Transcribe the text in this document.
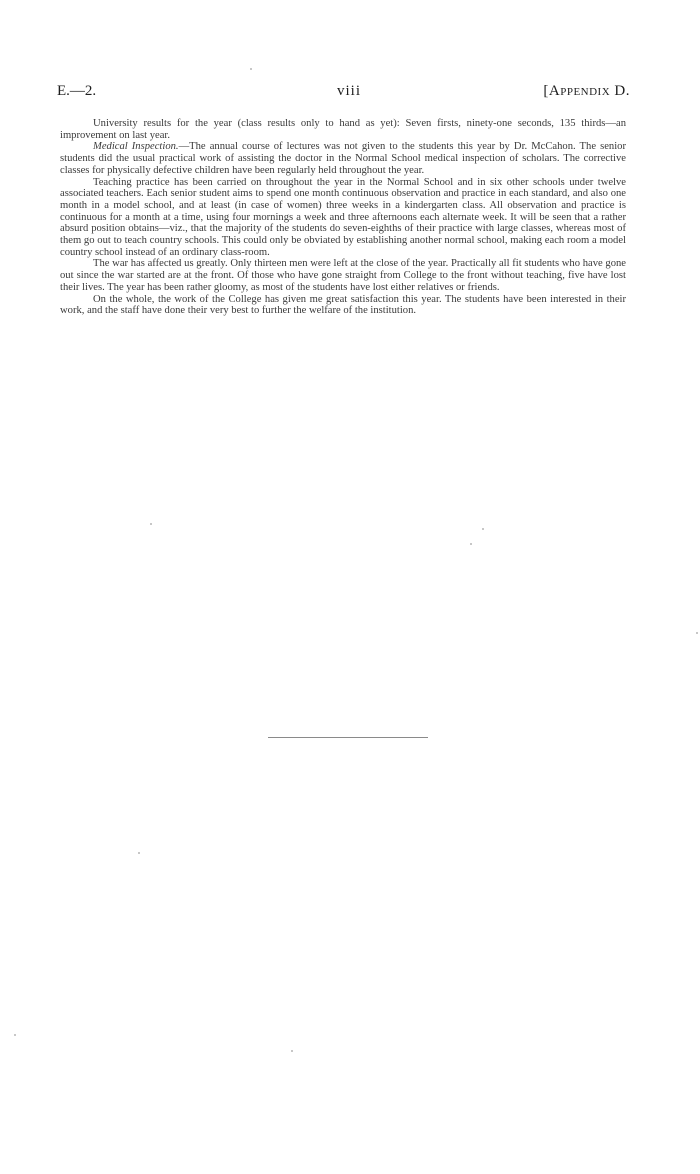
E.—2.	viii	[Appendix D.

University results for the year (class results only to hand as yet): Seven firsts, ninety-one seconds, 135 thirds—an improvement on last year.

Medical Inspection.—The annual course of lectures was not given to the students this year by Dr. McCahon. The senior students did the usual practical work of assisting the doctor in the Normal School medical inspection of scholars. The corrective classes for physically defective children have been regularly held throughout the year.

Teaching practice has been carried on throughout the year in the Normal School and in six other schools under twelve associated teachers. Each senior student aims to spend one month continuous observation and practice in each standard, and also one month in a model school, and at least (in case of women) three weeks in a kindergarten class. All observation and practice is continuous for a month at a time, using four mornings a week and three afternoons each alternate week. It will be seen that a rather absurd position obtains—viz., that the majority of the students do seven-eighths of their practice with large classes, whereas most of them go out to teach country schools. This could only be obviated by establishing another normal school, making each room a model country school instead of an ordinary class-room.

The war has affected us greatly. Only thirteen men were left at the close of the year. Practically all fit students who have gone out since the war started are at the front. Of those who have gone straight from College to the front without teaching, five have lost their lives. The year has been rather gloomy, as most of the students have lost either relatives or friends.

On the whole, the work of the College has given me great satisfaction this year. The students have been interested in their work, and the staff have done their very best to further the welfare of the institution.
